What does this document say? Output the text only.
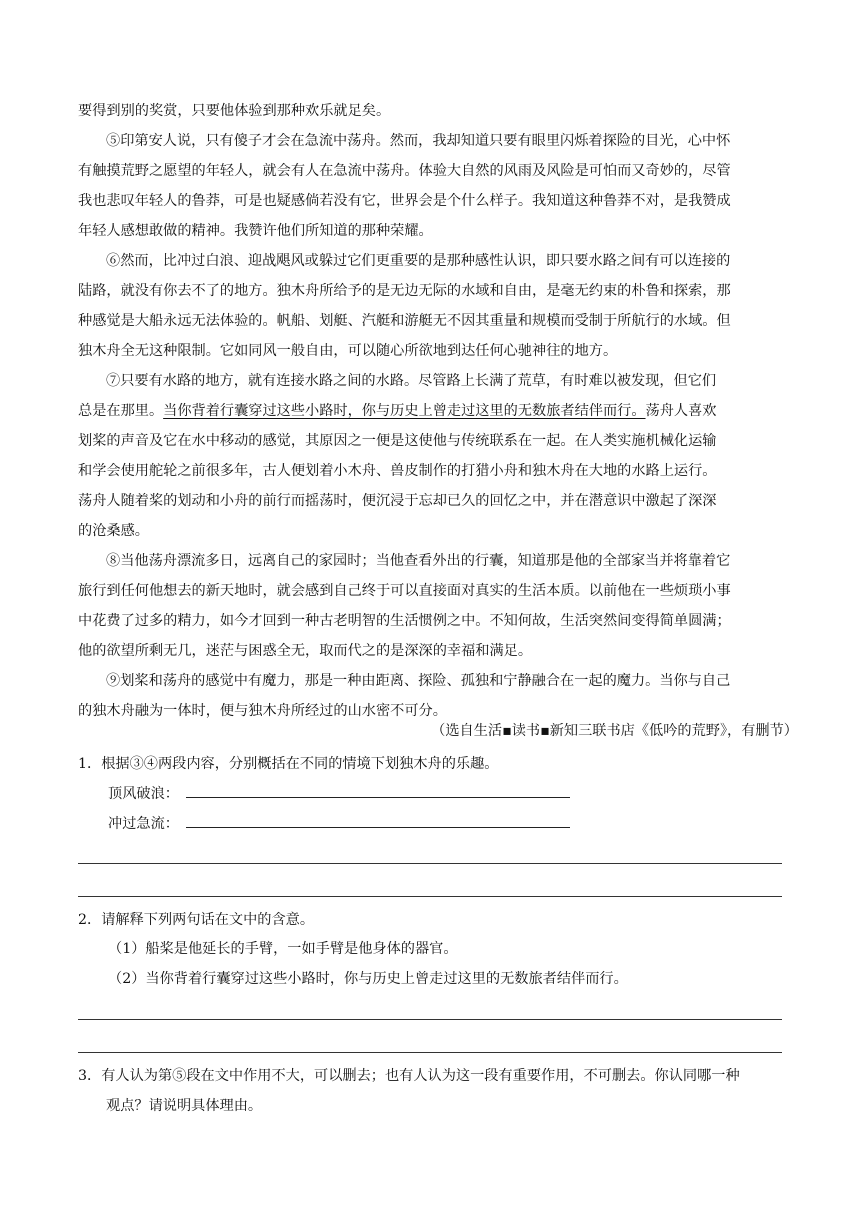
要得到别的奖赏，只要他体验到那种欢乐就足矣。
⑤印第安人说，只有傻子才会在急流中荡舟。然而，我却知道只要有眼里闪烁着探险的目光，心中怀
有触摸荒野之愿望的年轻人，就会有人在急流中荡舟。体验大自然的风雨及风险是可怕而又奇妙的，尽管
我也悲叹年轻人的鲁莽，可是也疑感倘若没有它，世界会是个什么样子。我知道这种鲁莽不对，是我赞成
年轻人感想敢做的精神。我赞许他们所知道的那种荣耀。
⑥然而，比冲过白浪、迎战飓风或躲过它们更重要的是那种感性认识，即只要水路之间有可以连接的
陆路，就没有你去不了的地方。独木舟所给予的是无边无际的水域和自由，是毫无约束的朴鲁和探索，那
种感觉是大船永远无法体验的。帆船、划艇、汽艇和游艇无不因其重量和规模而受制于所航行的水域。但
独木舟全无这种限制。它如同风一般自由，可以随心所欲地到达任何心驰神往的地方。
⑦只要有水路的地方，就有连接水路之间的水路。尽管路上长满了荒草，有时难以被发现，但它们
总是在那里。当你背着行囊穿过这些小路时，你与历史上曾走过这里的无数旅者结伴而行。荡舟人喜欢
划桨的声音及它在水中移动的感觉，其原因之一便是这使他与传统联系在一起。在人类实施机械化运输
和学会使用舵轮之前很多年，古人便划着小木舟、兽皮制作的打猎小舟和独木舟在大地的水路上运行。
荡舟人随着桨的划动和小舟的前行而摇荡时，便沉浸于忘却已久的回忆之中，并在潜意识中激起了深深
的沧桑感。
⑧当他荡舟漂流多日，远离自己的家园时；当他查看外出的行囊，知道那是他的全部家当并将靠着它
旅行到任何他想去的新天地时，就会感到自己终于可以直接面对真实的生活本质。以前他在一些烦琐小事
中花费了过多的精力，如今才回到一种古老明智的生活惯例之中。不知何故，生活突然间变得简单圆满；
他的欲望所剩无几，迷茫与困惑全无，取而代之的是深深的幸福和满足。
⑨划桨和荡舟的感觉中有魔力，那是一种由距离、探险、孤独和宁静融合在一起的魔力。当你与自己
的独木舟融为一体时，便与独木舟所经过的山水密不可分。
（选自生活▪读书▪新知三联书店《低吟的荒野》，有删节）
1．根据③④两段内容，分别概括在不同的情境下划独木舟的乐趣。
顶风破浪：
冲过急流：
2．请解释下列两句话在文中的含意。
（1）船桨是他延长的手臂，一如手臂是他身体的器官。
（2）当你背着行囊穿过这些小路时，你与历史上曾走过这里的无数旅者结伴而行。
3．有人认为第⑤段在文中作用不大，可以删去；也有人认为这一段有重要作用，不可删去。你认同哪一种
观点？请说明具体理由。
